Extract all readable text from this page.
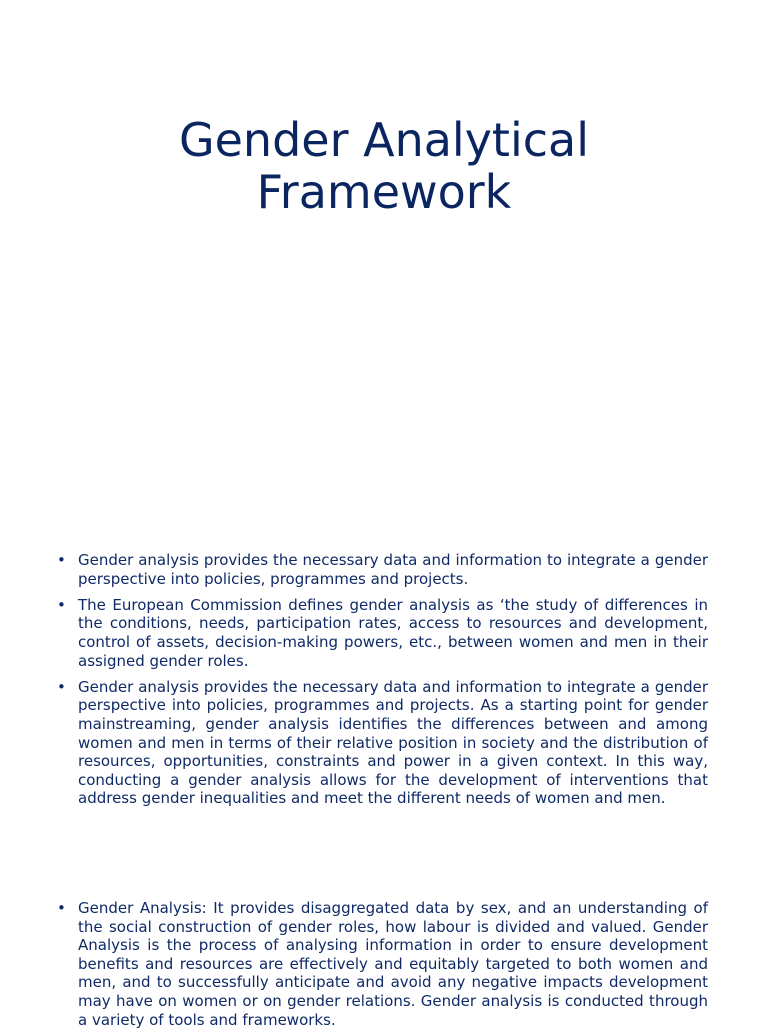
Gender Analytical
Framework
• Gender analysis provides the necessary data and information to integrate a gender perspective into policies, programmes and projects.
• The European Commission defines gender analysis as ‘the study of differences in the conditions, needs, participation rates, access to resources and development, control of assets, decision-making powers, etc., between women and men in their assigned gender roles.
• Gender analysis provides the necessary data and information to integrate a gender perspective into policies, programmes and projects. As a starting point for gender mainstreaming, gender analysis identifies the differences between and among women and men in terms of their relative position in society and the distribution of resources, opportunities, constraints and power in a given context. In this way, conducting a gender analysis allows for the development of interventions that address gender inequalities and meet the different needs of women and men.
• Gender Analysis: It provides disaggregated data by sex, and an understanding of the social construction of gender roles, how labour is divided and valued. Gender Analysis is the process of analysing information in order to ensure development benefits and resources are effectively and equitably targeted to both women and men, and to successfully anticipate and avoid any negative impacts development may have on women or on gender relations. Gender analysis is conducted through a variety of tools and frameworks.
